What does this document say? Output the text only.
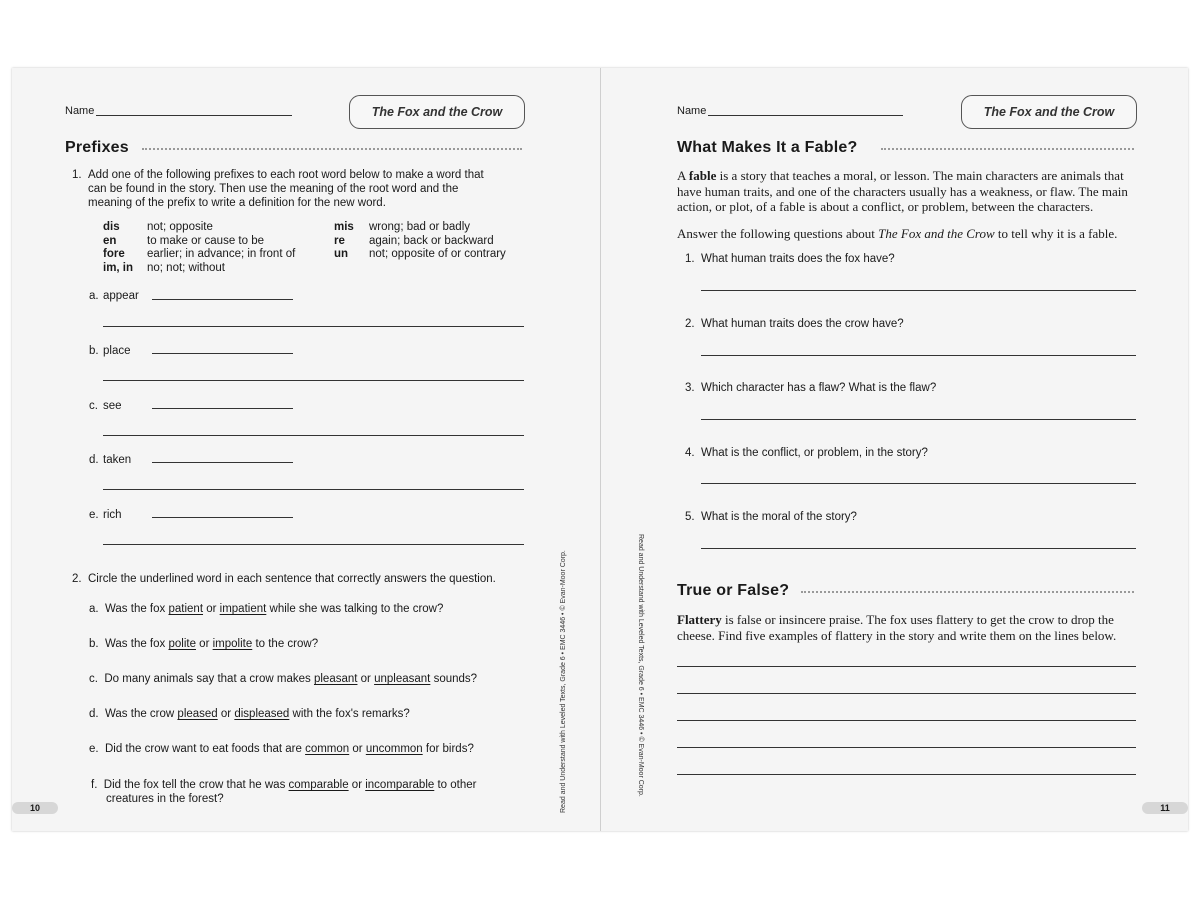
Name	The Fox and the Crow
Prefixes
1. Add one of the following prefixes to each root word below to make a word that
can be found in the story. Then use the meaning of the root word and the
meaning of the prefix to write a definition for the new word.
dis	not; opposite
en	to make or cause to be
fore	earlier; in advance; in front of
im, in	no; not; without
mis	wrong; bad or badly
re	again; back or backward
un	not; opposite of or contrary
a. appear
b. place
c. see
d. taken
e. rich
2. Circle the underlined word in each sentence that correctly answers the question.
a. Was the fox patient or impatient while she was talking to the crow?
b. Was the fox polite or impolite to the crow?
c. Do many animals say that a crow makes pleasant or unpleasant sounds?
d. Was the crow pleased or displeased with the fox's remarks?
e. Did the crow want to eat foods that are common or uncommon for birds?
f. Did the fox tell the crow that he was comparable or incomparable to other
creatures in the forest?
10	Read and Understand with Leveled Texts, Grade 6 • EMC 3446 • © Evan-Moor Corp.
Name	The Fox and the Crow
Read and Understand with Leveled Texts, Grade 6 • EMC 3446 • © Evan-Moor Corp.
What Makes It a Fable?
A fable is a story that teaches a moral, or lesson. The main characters are animals that
have human traits, and one of the characters usually has a weakness, or flaw. The main
action, or plot, of a fable is about a conflict, or problem, between the characters.
Answer the following questions about The Fox and the Crow to tell why it is a fable.
1. What human traits does the fox have?
2. What human traits does the crow have?
3. Which character has a flaw? What is the flaw?
4. What is the conflict, or problem, in the story?
5. What is the moral of the story?
True or False?
Flattery is false or insincere praise. The fox uses flattery to get the crow to drop the
cheese. Find five examples of flattery in the story and write them on the lines below.
11
